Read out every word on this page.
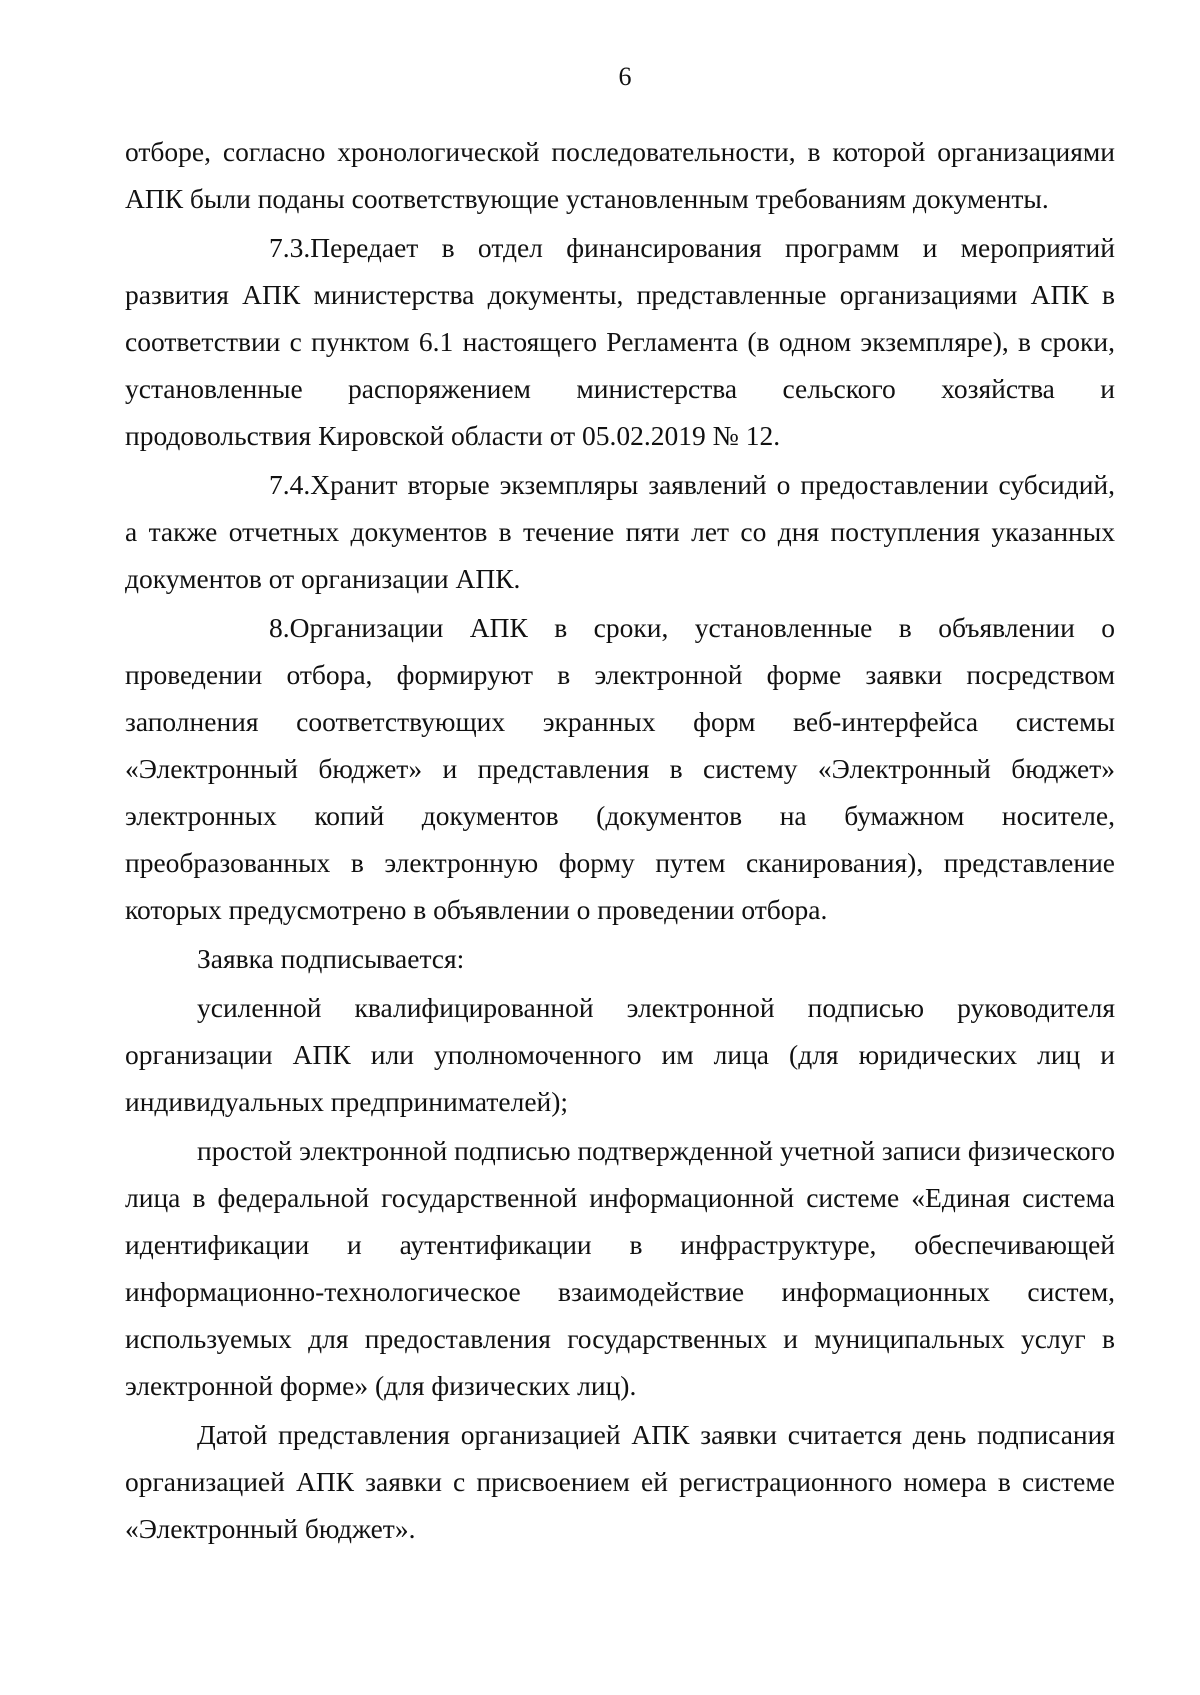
6

отборе, согласно хронологической последовательности, в которой организациями АПК были поданы соответствующие установленным требованиям документы.

7.3.Передает в отдел финансирования программ и мероприятий развития АПК министерства документы, представленные организациями АПК в соответствии с пунктом 6.1 настоящего Регламента (в одном экземпляре), в сроки, установленные распоряжением министерства сельского хозяйства и продовольствия Кировской области от 05.02.2019 № 12.

7.4.Хранит вторые экземпляры заявлений о предоставлении субсидий, а также отчетных документов в течение пяти лет со дня поступления указанных документов от организации АПК.

8.Организации АПК в сроки, установленные в объявлении о проведении отбора, формируют в электронной форме заявки посредством заполнения соответствующих экранных форм веб-интерфейса системы «Электронный бюджет» и представления в систему «Электронный бюджет» электронных копий документов (документов на бумажном носителе, преобразованных в электронную форму путем сканирования), представление которых предусмотрено в объявлении о проведении отбора.

Заявка подписывается:

усиленной квалифицированной электронной подписью руководителя организации АПК или уполномоченного им лица (для юридических лиц и индивидуальных предпринимателей);

простой электронной подписью подтвержденной учетной записи физического лица в федеральной государственной информационной системе «Единая система идентификации и аутентификации в инфраструктуре, обеспечивающей информационно-технологическое взаимодействие информационных систем, используемых для предоставления государственных и муниципальных услуг в электронной форме» (для физических лиц).

Датой представления организацией АПК заявки считается день подписания организацией АПК заявки с присвоением ей регистрационного номера в системе «Электронный бюджет».
